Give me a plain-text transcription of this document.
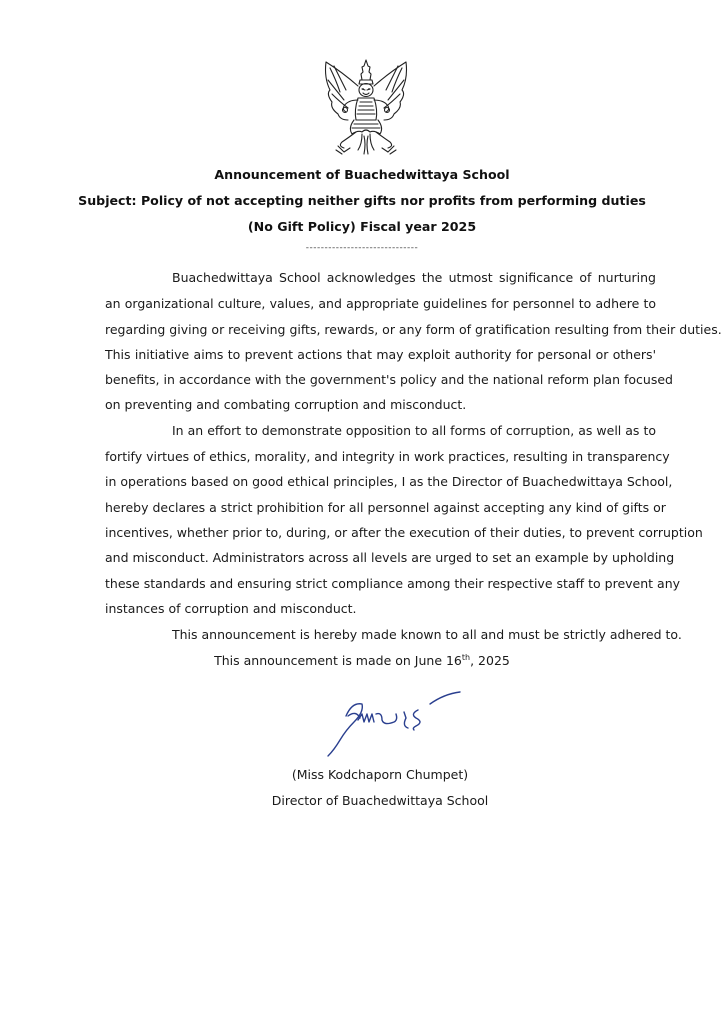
Announcement of Buachedwittaya School
Subject: Policy of not accepting neither gifts nor profits from performing duties
(No Gift Policy) Fiscal year 2025
------------------------------
Buachedwittaya School acknowledges the utmost significance of nurturing
an organizational culture, values, and appropriate guidelines for personnel to adhere to
regarding giving or receiving gifts, rewards, or any form of gratification resulting from their duties.
This initiative aims to prevent actions that may exploit authority for personal or others'
benefits, in accordance with the government's policy and the national reform plan focused
on preventing and combating corruption and misconduct.
In an effort to demonstrate opposition to all forms of corruption, as well as to
fortify virtues of ethics, morality, and integrity in work practices, resulting in transparency
in operations based on good ethical principles, I as the Director of Buachedwittaya School,
hereby declares a strict prohibition for all personnel against accepting any kind of gifts or
incentives, whether prior to, during, or after the execution of their duties, to prevent corruption
and misconduct. Administrators across all levels are urged to set an example by upholding
these standards and ensuring strict compliance among their respective staff to prevent any
instances of corruption and misconduct.
This announcement is hereby made known to all and must be strictly adhered to.
This announcement is made on June 16th, 2025
(Miss Kodchaporn Chumpet)
Director of Buachedwittaya School
